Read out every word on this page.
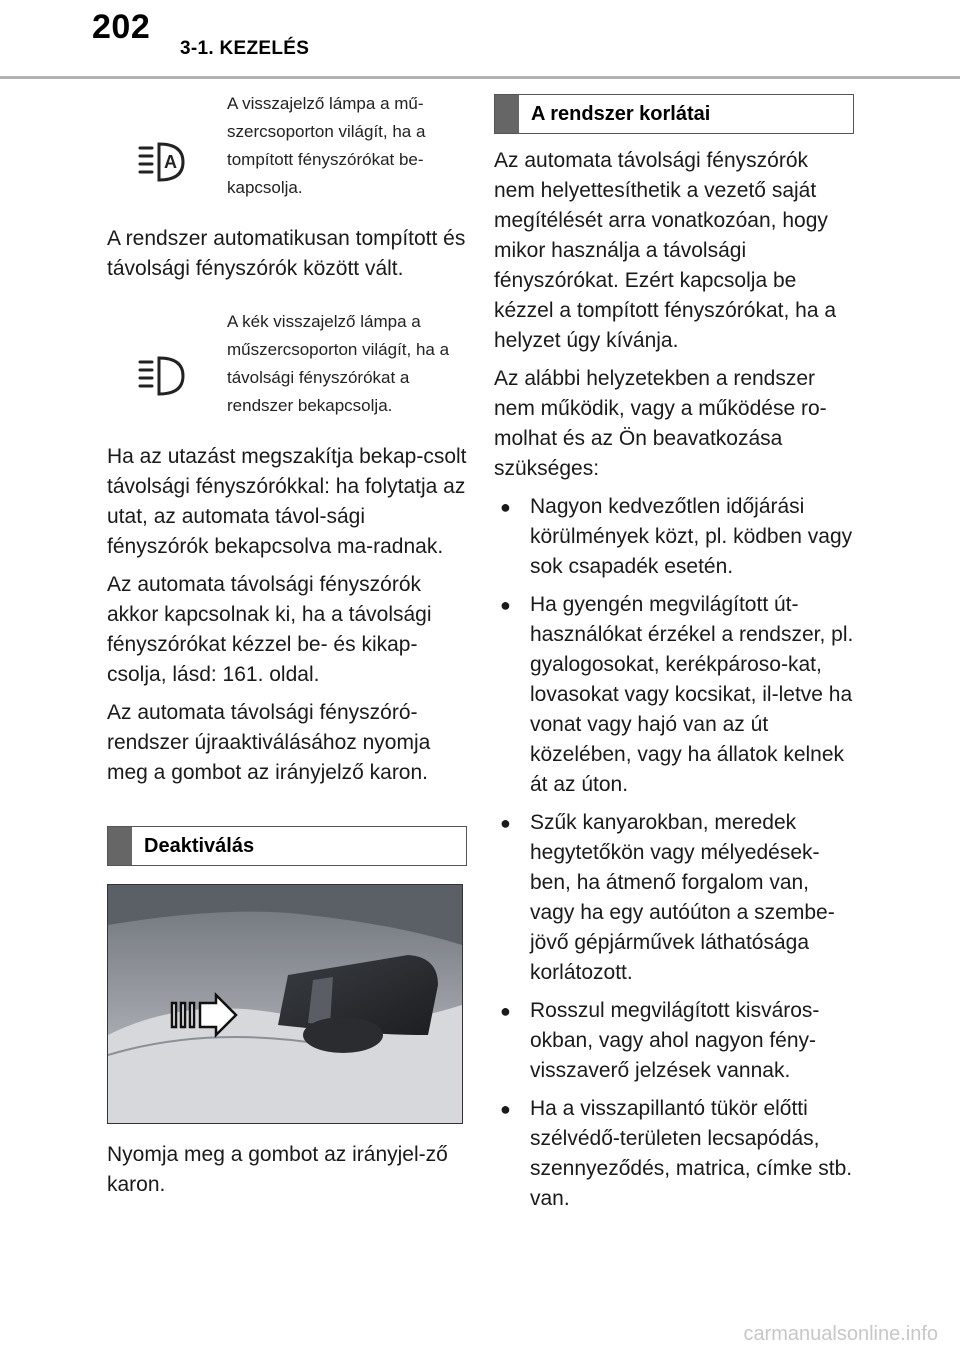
202
3-1. KEZELÉS
A
A visszajelző lámpa a mű-szercsoporton világít, ha a tompított fényszórókat be-kapcsolja.

A rendszer automatikusan tompított és távolsági fényszórók között vált.

A kék visszajelző lámpa a műszercsoporton világít, ha a távolsági fényszórókat a rendszer bekapcsolja.

Ha az utazást megszakítja bekap-csolt távolsági fényszórókkal: ha folytatja az utat, az automata távol-sági fényszórók bekapcsolva ma-radnak.

Az automata távolsági fényszórók akkor kapcsolnak ki, ha a távolsági fényszórókat kézzel be- és kikap-csolja, lásd: 161. oldal.

Az automata távolsági fényszóró-rendszer újraaktiválásához nyomja meg a gombot az irányjelző karon.

Deaktiválás

Nyomja meg a gombot az irányjel-ző karon.

A rendszer korlátai

Az automata távolsági fényszórók nem helyettesíthetik a vezető saját megítélését arra vonatkozóan, hogy mikor használja a távolsági fényszórókat. Ezért kapcsolja be kézzel a tompított fényszórókat, ha a helyzet úgy kívánja.

Az alábbi helyzetekben a rendszer nem működik, vagy a működése ro-molhat és az Ön beavatkozása szükséges:

● Nagyon kedvezőtlen időjárási körülmények közt, pl. ködben vagy sok csapadék esetén.
● Ha gyengén megvilágított út-használókat érzékel a rendszer, pl. gyalogosokat, kerékpároso-kat, lovasokat vagy kocsikat, il-letve ha vonat vagy hajó van az út közelében, vagy ha állatok kelnek át az úton.
● Szűk kanyarokban, meredek hegytetőkön vagy mélyedések-ben, ha átmenő forgalom van, vagy ha egy autóúton a szembe-jövő gépjárművek láthatósága korlátozott.
● Rosszul megvilágított kisváros-okban, vagy ahol nagyon fény-visszaverő jelzések vannak.
● Ha a visszapillantó tükör előtti szélvédő-területen lecsapódás, szennyeződés, matrica, címke stb. van.
carmanualsonline.info
